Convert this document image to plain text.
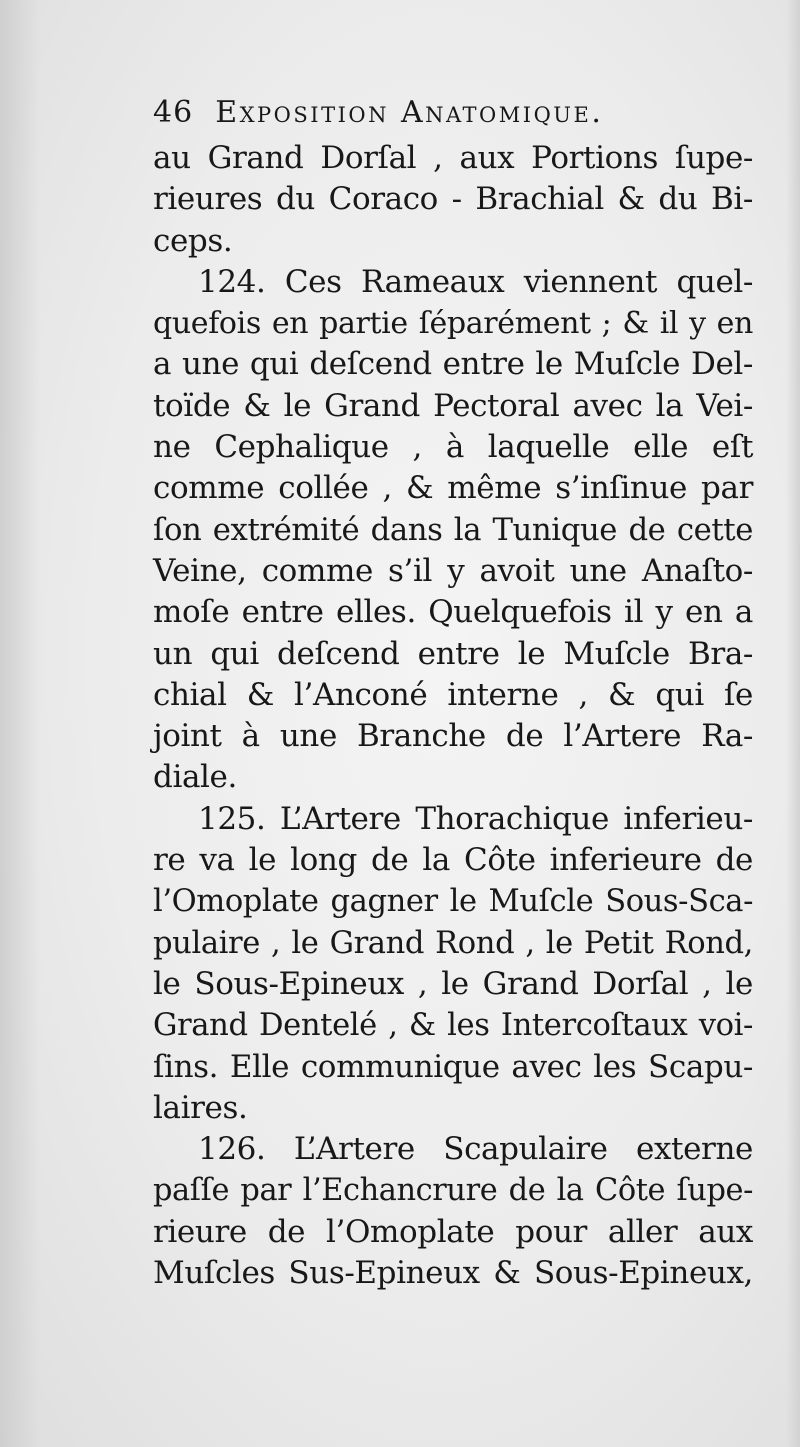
46 Exposition Anatomique.
au Grand Dorſal , aux Portions ſupe-
rieures du Coraco - Brachial & du Bi-
ceps.
124. Ces Rameaux viennent quel-
quefois en partie ſéparément ; & il y en
a une qui deſcend entre le Muſcle Del-
toïde & le Grand Pectoral avec la Vei-
ne Cephalique , à laquelle elle eſt
comme collée , & même s’inſinue par
ſon extrémité dans la Tunique de cette
Veine, comme s’il y avoit une Anaſto-
moſe entre elles. Quelquefois il y en a
un qui deſcend entre le Muſcle Bra-
chial & l’Anconé interne , & qui ſe
joint à une Branche de l’Artere Ra-
diale.
125. L’Artere Thorachique inferieu-
re va le long de la Côte inferieure de
l’Omoplate gagner le Muſcle Sous-Sca-
pulaire , le Grand Rond , le Petit Rond,
le Sous-Epineux , le Grand Dorſal , le
Grand Dentelé , & les Intercoſtaux voi-
ſins. Elle communique avec les Scapu-
laires.
126. L’Artere Scapulaire externe
paſſe par l’Echancrure de la Côte ſupe-
rieure de l’Omoplate pour aller aux
Muſcles Sus-Epineux & Sous-Epineux,
